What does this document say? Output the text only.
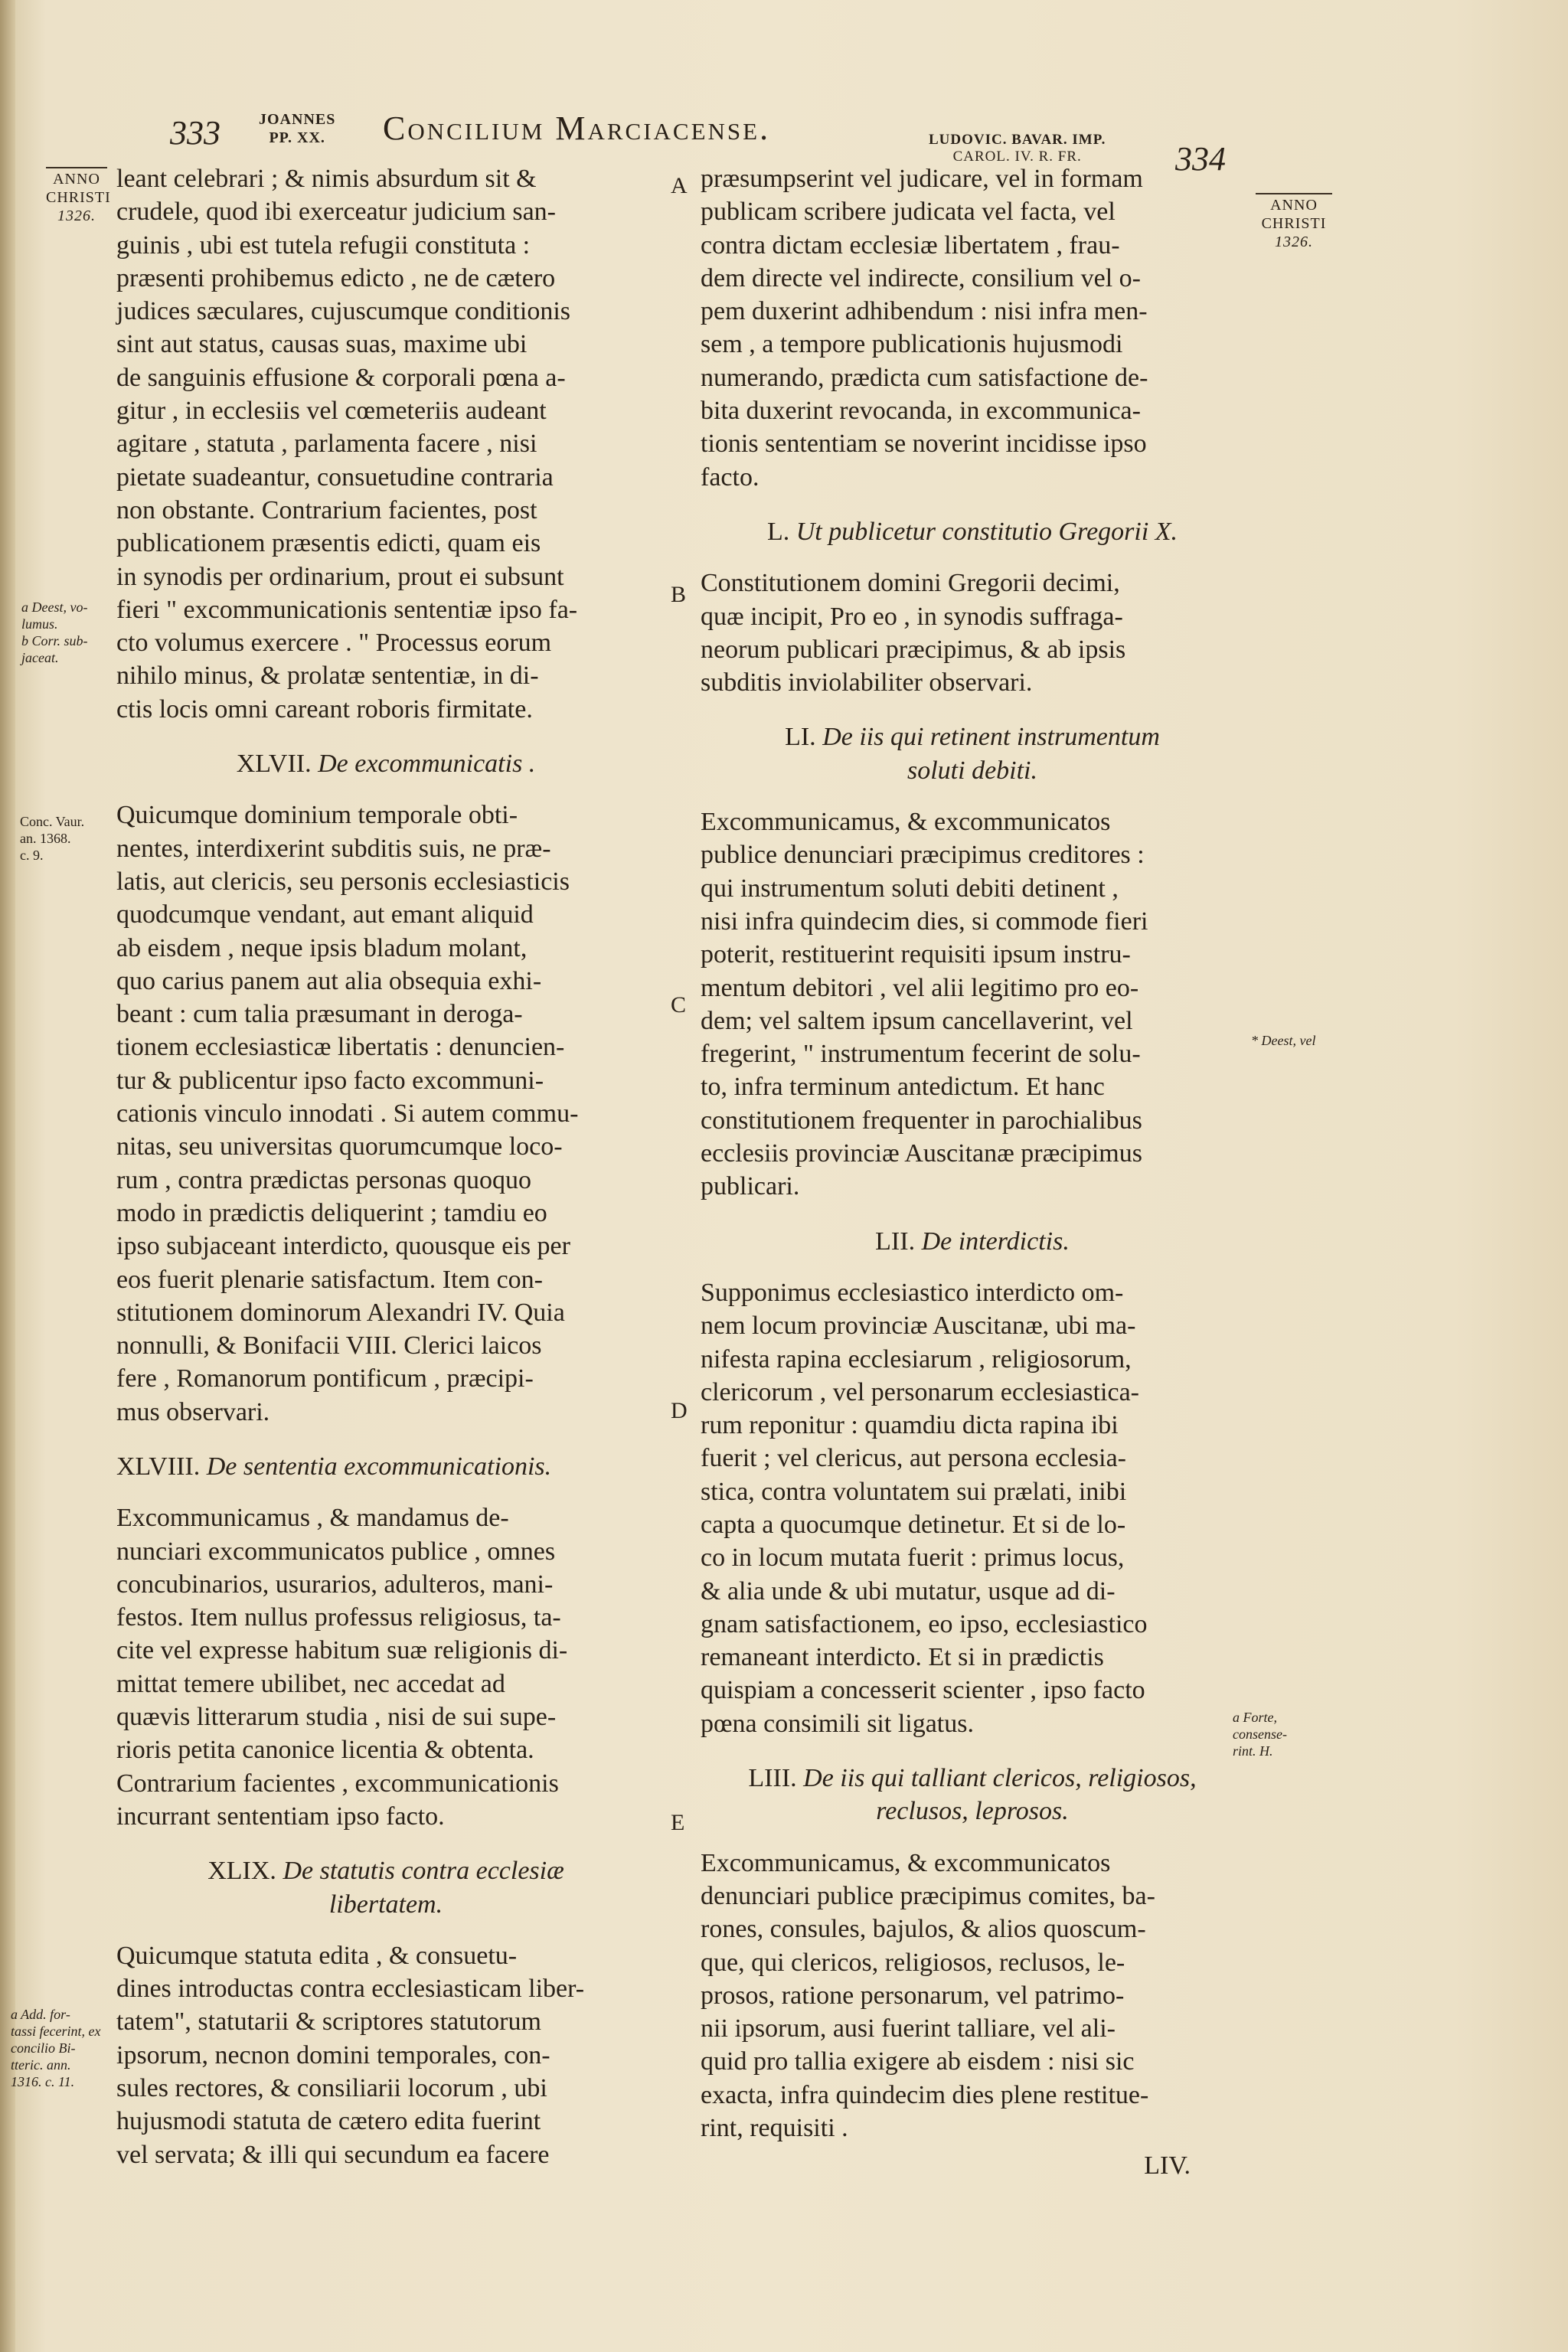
333	JOANNES
PP. XX.	Concilium Marciacense.	LUDOVIC. BAVAR. IMP.
CAROL. IV. R. FR.	334
ANNO
CHRISTI
1326.
ANNO
CHRISTI
1326.
a Deest, vo-
lumus.
b Corr. sub-
jaceat.
Conc. Vaur.
an. 1368.
c. 9.
a Add. for-
tassi fecerint, ex
concilio Bi-
tteric. ann.
1316. c. 11.
* Deest, vel
a Forte,
consense-
rint. H.
A
B
C
D
E

leant celebrari ; & nimis absurdum sit &
crudele, quod ibi exerceatur judicium san-
guinis , ubi est tutela refugii constituta :
præsenti prohibemus edicto , ne de cætero
judices sæculares, cujuscumque conditionis
sint aut status, causas suas, maxime ubi
de sanguinis effusione & corporali pœna a-
gitur , in ecclesiis vel cœmeteriis audeant
agitare , statuta , parlamenta facere , nisi
pietate suadeantur, consuetudine contraria
non obstante. Contrarium facientes, post
publicationem præsentis edicti, quam eis
in synodis per ordinarium, prout ei subsunt
fieri " excommunicationis sententiæ ipso fa-
cto volumus exercere . " Processus eorum
nihilo minus, & prolatæ sententiæ, in di-
ctis locis omni careant roboris firmitate.

XLVII. De excommunicatis .

Quicumque dominium temporale obti-
nentes, interdixerint subditis suis, ne præ-
latis, aut clericis, seu personis ecclesiasticis
quodcumque vendant, aut emant aliquid
ab eisdem , neque ipsis bladum molant,
quo carius panem aut alia obsequia exhi-
beant : cum talia præsumant in deroga-
tionem ecclesiasticæ libertatis : denuncien-
tur & publicentur ipso facto excommuni-
cationis vinculo innodati . Si autem commu-
nitas, seu universitas quorumcumque loco-
rum , contra prædictas personas quoquo
modo in prædictis deliquerint ; tamdiu eo
ipso subjaceant interdicto, quousque eis per
eos fuerit plenarie satisfactum. Item con-
stitutionem dominorum Alexandri IV. Quia
nonnulli, & Bonifacii VIII. Clerici laicos
fere , Romanorum pontificum , præcipi-
mus observari.

XLVIII. De sententia excommunicationis.

Excommunicamus , & mandamus de-
nunciari excommunicatos publice , omnes
concubinarios, usurarios, adulteros, mani-
festos. Item nullus professus religiosus, ta-
cite vel expresse habitum suæ religionis di-
mittat temere ubilibet, nec accedat ad
quævis litterarum studia , nisi de sui supe-
rioris petita canonice licentia & obtenta.
Contrarium facientes , excommunicationis
incurrant sententiam ipso facto.

XLIX. De statutis contra ecclesiæ
libertatem.

Quicumque statuta edita , & consuetu-
dines introductas contra ecclesiasticam liber-
tatem", statutarii & scriptores statutorum
ipsorum, necnon domini temporales, con-
sules rectores, & consiliarii locorum , ubi
hujusmodi statuta de cætero edita fuerint
vel servata; & illi qui secundum ea facere

præsumpserint vel judicare, vel in formam
publicam scribere judicata vel facta, vel
contra dictam ecclesiæ libertatem , frau-
dem directe vel indirecte, consilium vel o-
pem duxerint adhibendum : nisi infra men-
sem , a tempore publicationis hujusmodi
numerando, prædicta cum satisfactione de-
bita duxerint revocanda, in excommunica-
tionis sententiam se noverint incidisse ipso
facto.

L. Ut publicetur constitutio Gregorii X.

Constitutionem domini Gregorii decimi,
quæ incipit, Pro eo , in synodis suffraga-
neorum publicari præcipimus, & ab ipsis
subditis inviolabiliter observari.

LI. De iis qui retinent instrumentum
soluti debiti.

Excommunicamus, & excommunicatos
publice denunciari præcipimus creditores :
qui instrumentum soluti debiti detinent ,
nisi infra quindecim dies, si commode fieri
poterit, restituerint requisiti ipsum instru-
mentum debitori , vel alii legitimo pro eo-
dem; vel saltem ipsum cancellaverint, vel
fregerint, " instrumentum fecerint de solu-
to, infra terminum antedictum. Et hanc
constitutionem frequenter in parochialibus
ecclesiis provinciæ Auscitanæ præcipimus
publicari.

LII. De interdictis.

Supponimus ecclesiastico interdicto om-
nem locum provinciæ Auscitanæ, ubi ma-
nifesta rapina ecclesiarum , religiosorum,
clericorum , vel personarum ecclesiastica-
rum reponitur : quamdiu dicta rapina ibi
fuerit ; vel clericus, aut persona ecclesia-
stica, contra voluntatem sui prælati, inibi
capta a quocumque detinetur. Et si de lo-
co in locum mutata fuerit : primus locus,
& alia unde & ubi mutatur, usque ad di-
gnam satisfactionem, eo ipso, ecclesiastico
remaneant interdicto. Et si in prædictis
quispiam a concesserit scienter , ipso facto
pœna consimili sit ligatus.

LIII. De iis qui talliant clericos, religiosos,
reclusos, leprosos.

Excommunicamus, & excommunicatos
denunciari publice præcipimus comites, ba-
rones, consules, bajulos, & alios quoscum-
que, qui clericos, religiosos, reclusos, le-
prosos, ratione personarum, vel patrimo-
nii ipsorum, ausi fuerint talliare, vel ali-
quid pro tallia exigere ab eisdem : nisi sic
exacta, infra quindecim dies plene restitue-
rint, requisiti .

LIV.
